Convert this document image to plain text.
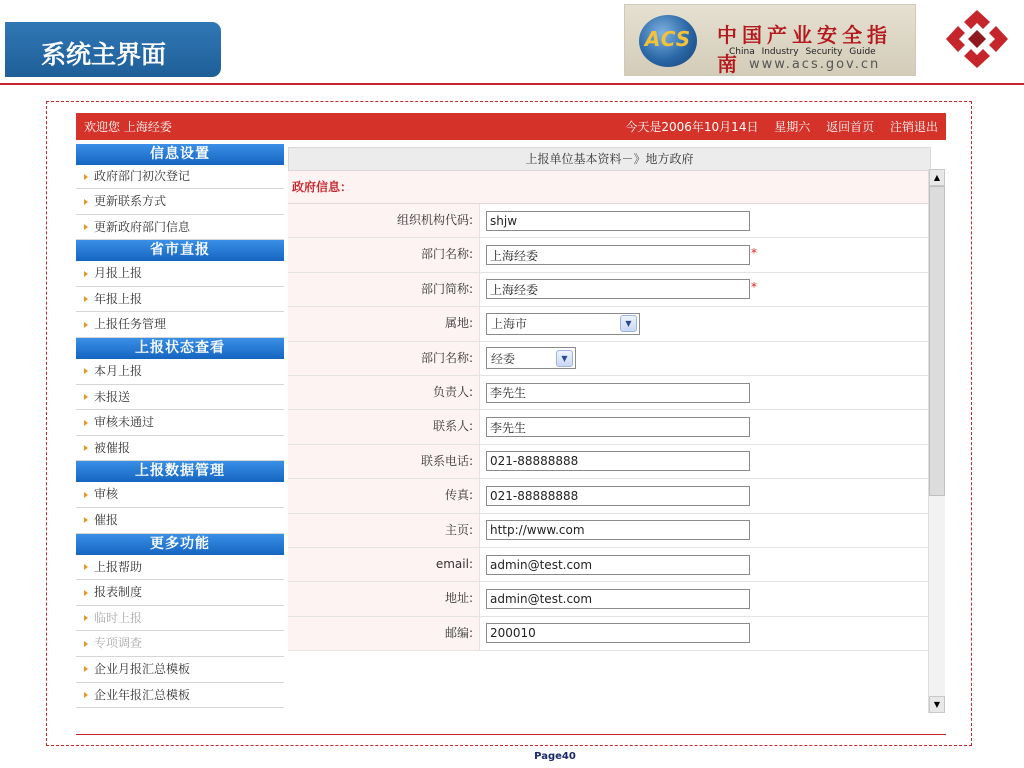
系统主界面
ACS	中国产业安全指南
China Industry Security Guide
www.acs.gov.cn
欢迎您 上海经委	今天是2006年10月14日 星期六 返回首页 注销退出
信息设置
政府部门初次登记
更新联系方式
更新政府部门信息
省市直报
月报上报
年报上报
上报任务管理
上报状态查看
本月上报
未报送
审核未通过
被催报
上报数据管理
审核
催报
更多功能
上报帮助
报表制度
临时上报
专项调查
企业月报汇总模板
企业年报汇总模板
上报单位基本资料－》地方政府
政府信息：
组织机构代码:
shjw
部门名称:
上海经委	*
部门简称:
上海经委	*
属地:	上海市	▼
部门名称:	经委	▼
负责人:
李先生
联系人:
李先生
联系电话:
021-88888888
传真:
021-88888888
主页:
http://www.com
email:
admin@test.com
地址:
admin@test.com
邮编:
200010
▲
▼
Page40
